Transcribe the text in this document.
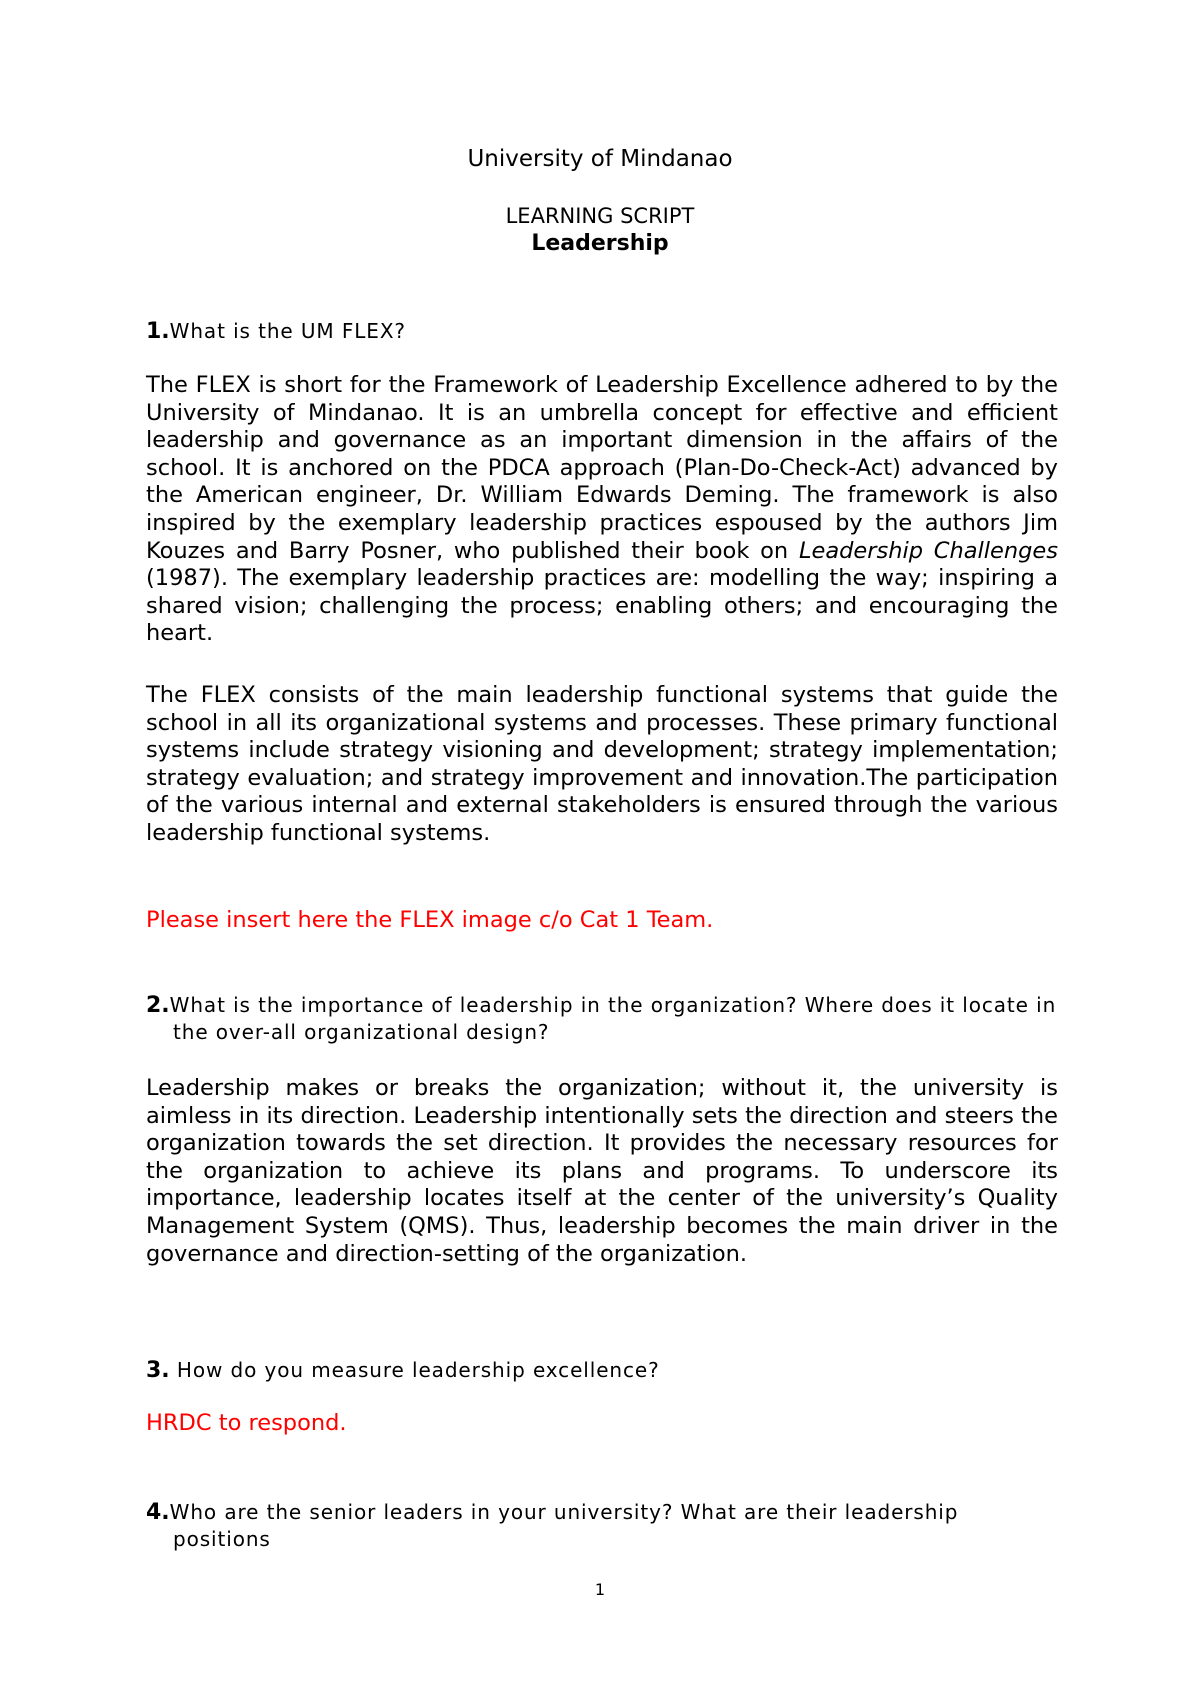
University of Mindanao
LEARNING SCRIPT
Leadership
1.What is the UM FLEX?
The FLEX is short for the Framework of Leadership Excellence adhered to by the University of Mindanao. It is an umbrella concept for effective and efficient leadership and governance as an important dimension in the affairs of the school. It is anchored on the PDCA approach (Plan-Do-Check-Act) advanced by the American engineer, Dr. William Edwards Deming. The framework is also inspired by the exemplary leadership practices espoused by the authors Jim Kouzes and Barry Posner, who published their book on Leadership Challenges (1987). The exemplary leadership practices are: modelling the way; inspiring a shared vision; challenging the process; enabling others; and encouraging the heart.
The FLEX consists of the main leadership functional systems that guide the school in all its organizational systems and processes. These primary functional systems include strategy visioning and development; strategy implementation; strategy evaluation; and strategy improvement and innovation.The participation of the various internal and external stakeholders is ensured through the various leadership functional systems.
Please insert here the FLEX image c/o Cat 1 Team.
2.What is the importance of leadership in the organization? Where does it locate in the over-all organizational design?
Leadership makes or breaks the organization; without it, the university is aimless in its direction. Leadership intentionally sets the direction and steers the organization towards the set direction. It provides the necessary resources for the organization to achieve its plans and programs. To underscore its importance, leadership locates itself at the center of the university’s Quality Management System (QMS). Thus, leadership becomes the main driver in the governance and direction-setting of the organization.
3. How do you measure leadership excellence?
HRDC to respond.
4.Who are the senior leaders in your university? What are their leadership positions
1
